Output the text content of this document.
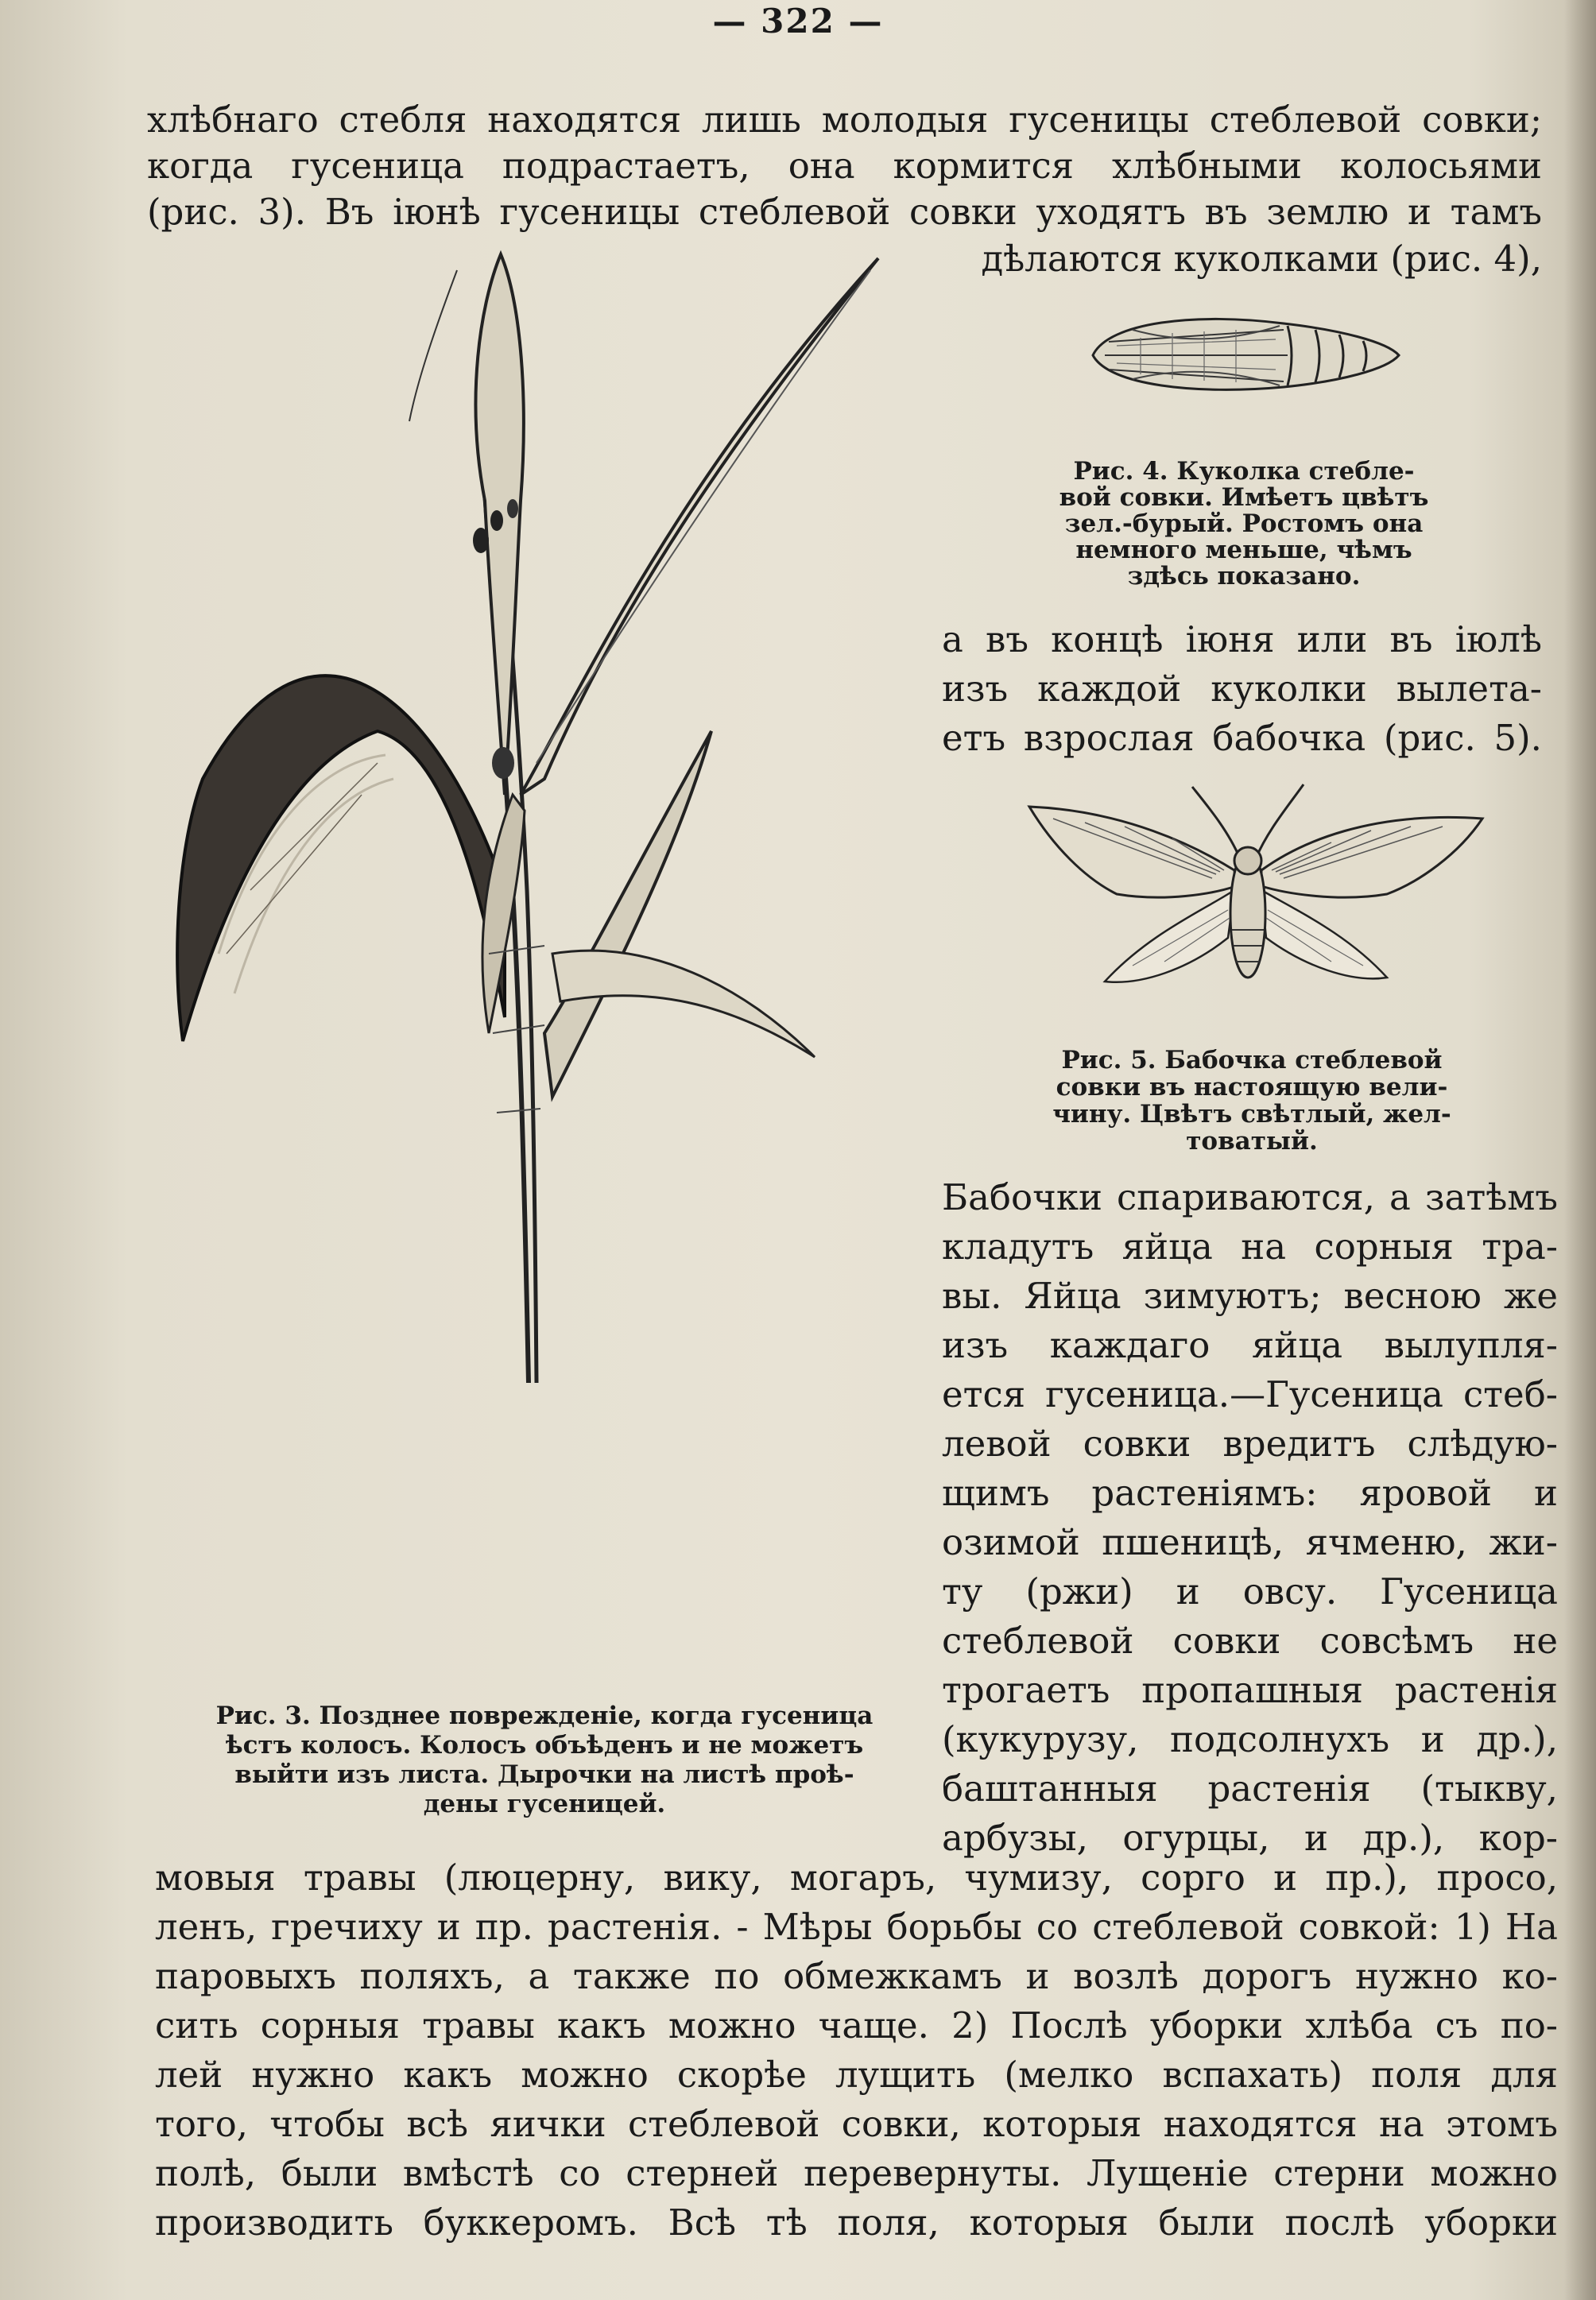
— 322 —

хлѣбнаго стебля находятся лишь молодыя гусеницы стеблевой совки;

когда гусеница подрастаетъ, она кормится хлѣбными колосьями

(рис. 3). Въ іюнѣ гусеницы стеблевой совки уходятъ въ землю и тамъ

дѣлаются куколками (рис. 4),

Рис. 4. Куколка стебле-

вой совки. Имѣетъ цвѣтъ

зел.-бурый. Ростомъ она

немного меньше, чѣмъ

здѣсь показано.

а въ концѣ іюня или въ іюлѣ

изъ каждой куколки вылета-

етъ взрослая бабочка (рис. 5).

Рис. 5. Бабочка стеблевой

совки въ настоящую вели-

чину. Цвѣтъ свѣтлый, жел-

товатый.

Бабочки спариваются, а затѣмъ

кладутъ яйца на сорныя тра-

вы. Яйца зимуютъ; весною же

изъ каждаго яйца вылупля-

ется гусеница.—Гусеница стеб-

левой совки вредитъ слѣдую-

щимъ растеніямъ: яровой и

озимой пшеницѣ, ячменю, жи-

ту (ржи) и овсу. Гусеница

стеблевой совки совсѣмъ не

трогаетъ пропашныя растенія

(кукурузу, подсолнухъ и др.),

баштанныя растенія (тыкву,

арбузы, огурцы, и др.), кор-

Рис. 3. Позднее поврежденіе, когда гусеница

ѣстъ колосъ. Колосъ объѣденъ и не можетъ

выйти изъ листа. Дырочки на листѣ проѣ-

дены гусеницей.

мовыя травы (люцерну, вику, могаръ, чумизу, сорго и пр.), просо,

ленъ, гречиху и пр. растенія. - Мѣры борьбы со стеблевой совкой: 1) На

паровыхъ поляхъ, а также по обмежкамъ и возлѣ дорогъ нужно ко-

сить сорныя травы какъ можно чаще. 2) Послѣ уборки хлѣба съ по-

лей нужно какъ можно скорѣе лущить (мелко вспахать) поля для

того, чтобы всѣ яички стеблевой совки, которыя находятся на этомъ

полѣ, были вмѣстѣ со стерней перевернуты. Лущеніе стерни можно

производить буккеромъ. Всѣ тѣ поля, которыя были послѣ уборки
